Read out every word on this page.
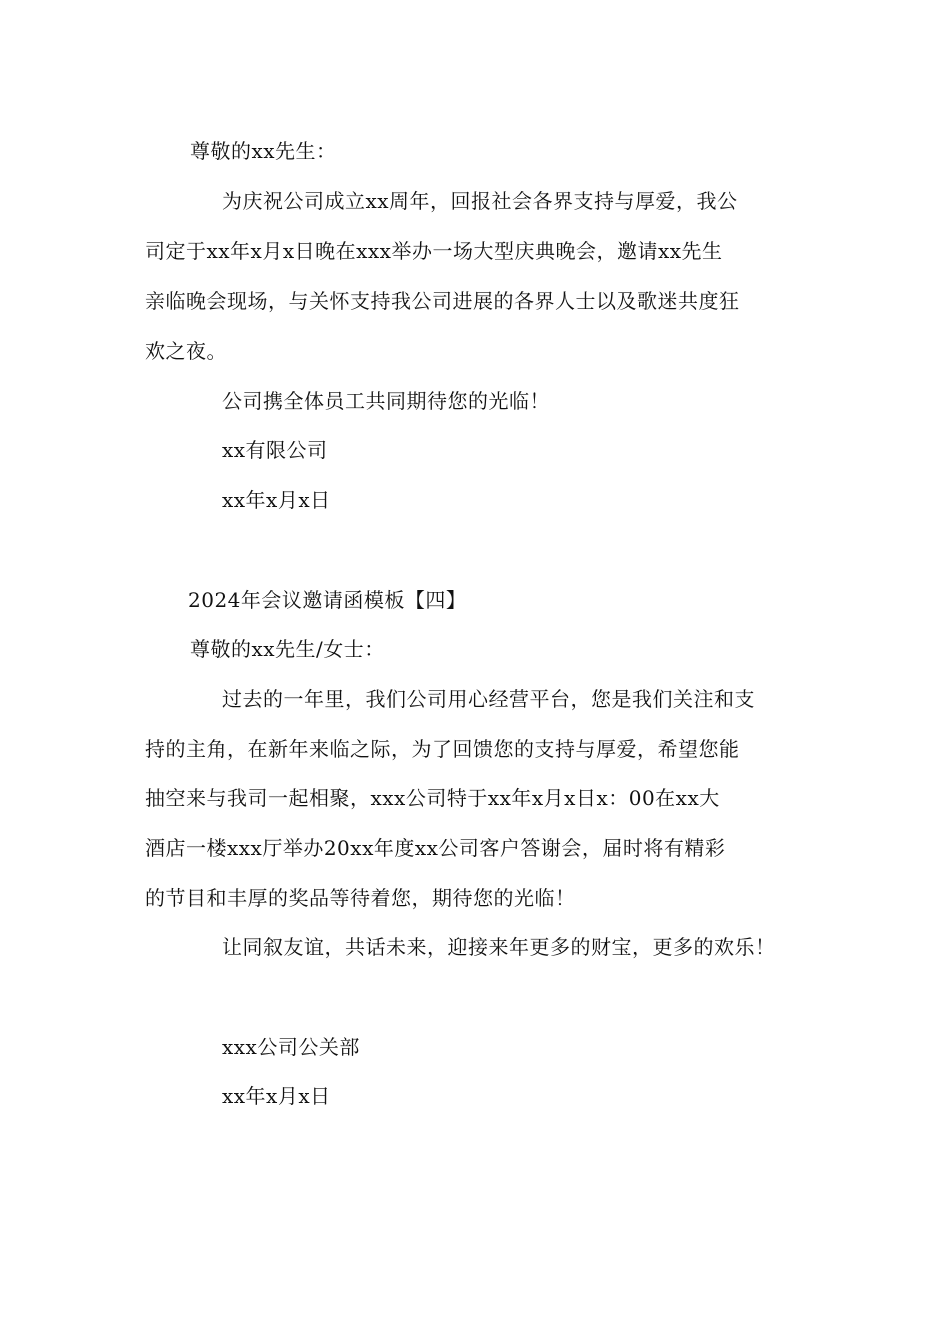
尊敬的xx先生：
为庆祝公司成立xx周年，回报社会各界支持与厚爱，我公
司定于xx年x月x日晚在xxx举办一场大型庆典晚会，邀请xx先生
亲临晚会现场，与关怀支持我公司进展的各界人士以及歌迷共度狂
欢之夜。
公司携全体员工共同期待您的光临！
xx有限公司
xx年x月x日
2024年会议邀请函模板【四】
尊敬的xx先生/女士：
过去的一年里，我们公司用心经营平台，您是我们关注和支
持的主角，在新年来临之际，为了回馈您的支持与厚爱，希望您能
抽空来与我司一起相聚，xxx公司特于xx年x月x日x：00在xx大
酒店一楼xxx厅举办20xx年度xx公司客户答谢会，届时将有精彩
的节目和丰厚的奖品等待着您，期待您的光临！
让同叙友谊，共话未来，迎接来年更多的财宝，更多的欢乐！
xxx公司公关部
xx年x月x日
